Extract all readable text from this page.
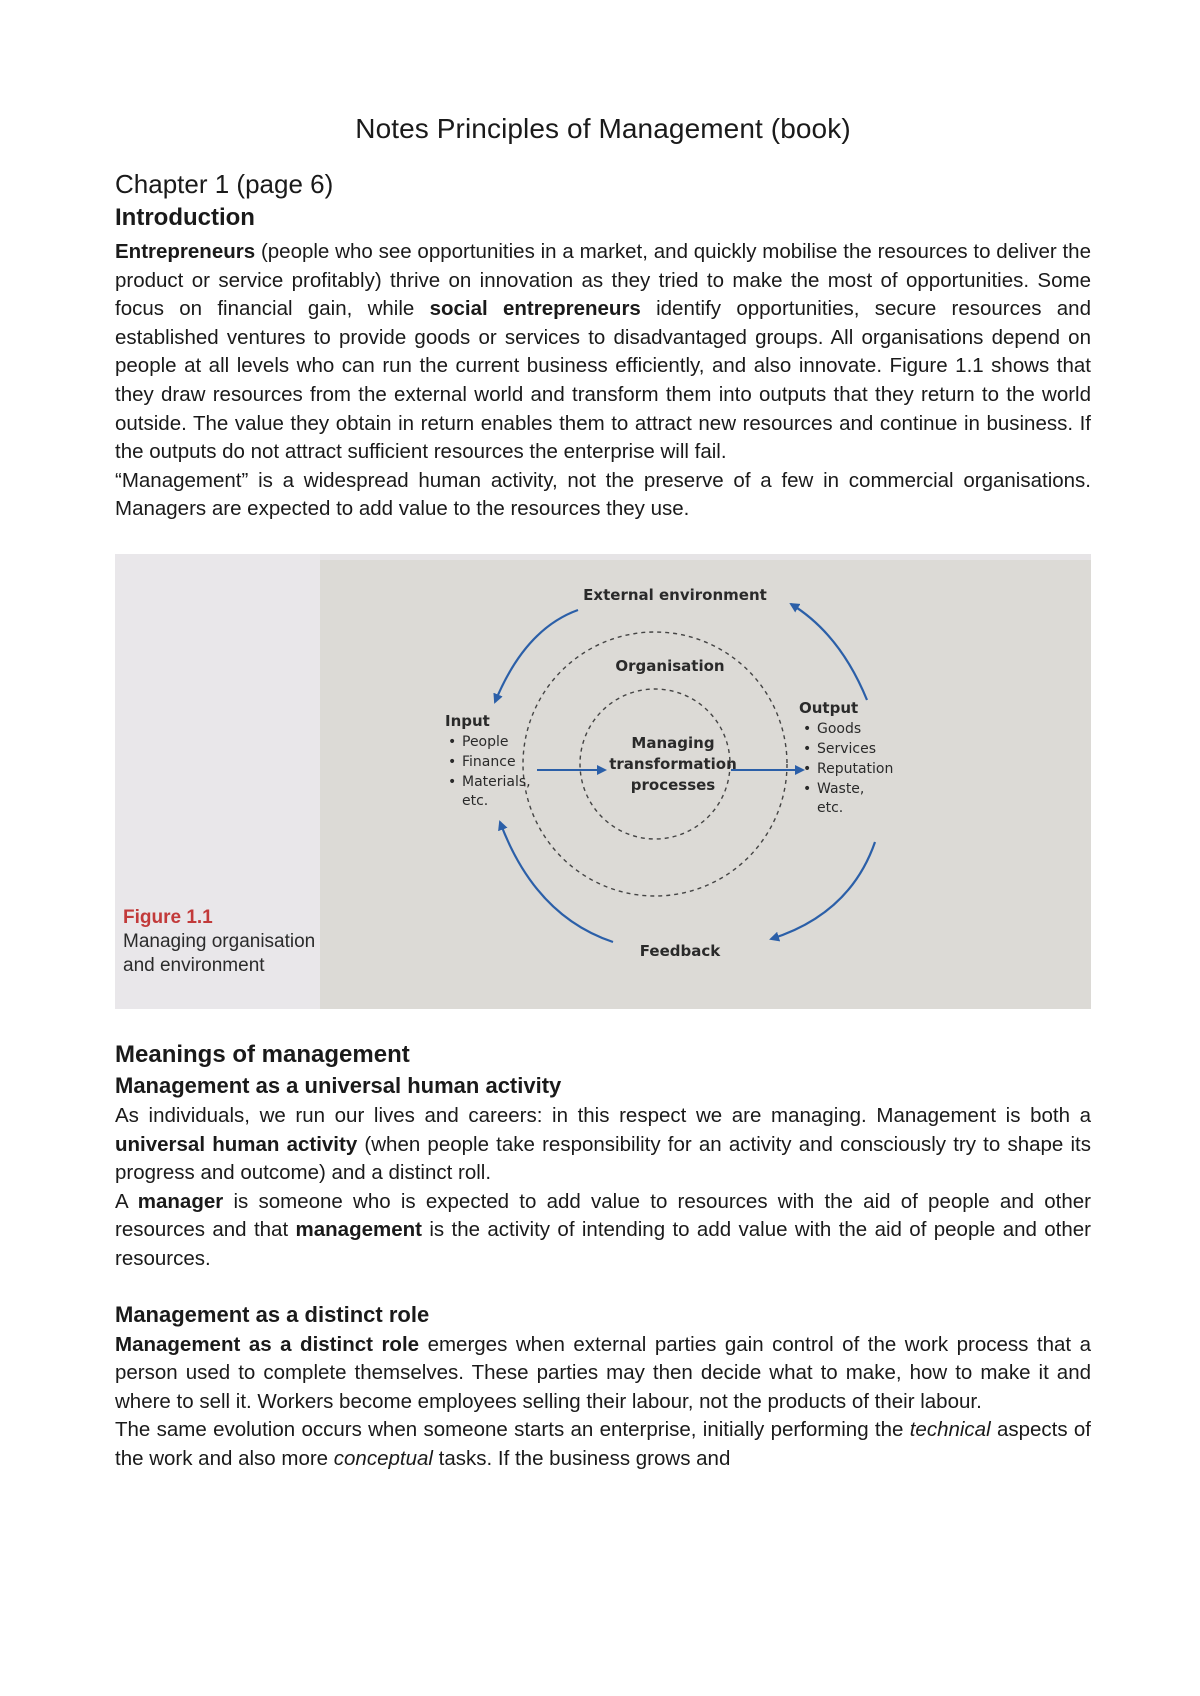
Notes Principles of Management (book)
Chapter 1 (page 6)
Introduction

Entrepreneurs (people who see opportunities in a market, and quickly mobilise the resources to deliver the product or service profitably) thrive on innovation as they tried to make the most of opportunities. Some focus on financial gain, while social entrepreneurs identify opportunities, secure resources and established ventures to provide goods or services to disadvantaged groups. All organisations depend on people at all levels who can run the current business efficiently, and also innovate. Figure 1.1 shows that they draw resources from the external world and transform them into outputs that they return to the world outside. The value they obtain in return enables them to attract new resources and continue in business. If the outputs do not attract sufficient resources the enterprise will fail.

“Management” is a widespread human activity, not the preserve of a few in commercial organisations. Managers are expected to add value to the resources they use.

External environment
Organisation
Managing
transformation
processes
Input
• People
• Finance
• Materials,
etc.
Output
• Goods
• Services
• Reputation
• Waste,
etc.
Feedback
Figure 1.1
Managing organisation and environment
Meanings of management
Management as a universal human activity

As individuals, we run our lives and careers: in this respect we are managing. Management is both a universal human activity (when people take responsibility for an activity and consciously try to shape its progress and outcome) and a distinct roll.

A manager is someone who is expected to add value to resources with the aid of people and other resources and that management is the activity of intending to add value with the aid of people and other resources.

Management as a distinct role

Management as a distinct role emerges when external parties gain control of the work process that a person used to complete themselves. These parties may then decide what to make, how to make it and where to sell it. Workers become employees selling their labour, not the products of their labour.

The same evolution occurs when someone starts an enterprise, initially performing the technical aspects of the work and also more conceptual tasks. If the business grows and
